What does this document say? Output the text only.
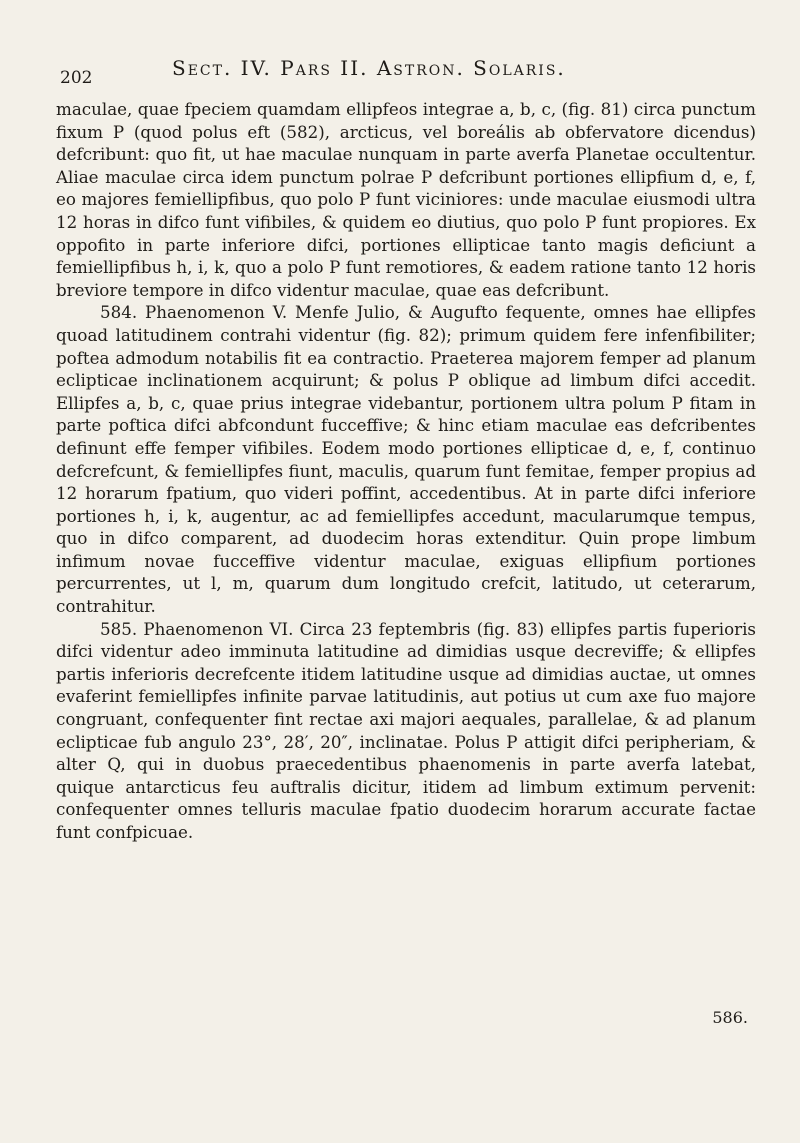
202	Sect. IV. Pars II. Astron. Solaris.

maculae, quae fpeciem quamdam ellipfeos integrae a, b, c, (fig. 81) circa punctum fixum P (quod polus eft (582), arcticus, vel boreális ab obfervatore dicendus) defcribunt: quo fit, ut hae maculae nunquam in parte averfa Planetae occultentur. Aliae maculae circa idem punctum polrae P defcribunt portiones ellipfium d, e, f, eo majores femiellipfibus, quo polo P funt viciniores: unde maculae eiusmodi ultra 12 horas in difco funt vifibiles, & quidem eo diutius, quo polo P funt propiores. Ex oppofito in parte inferiore difci, portiones ellipticae tanto magis deficiunt a femiellipfibus h, i, k, quo a polo P funt remotiores, & eadem ratione tanto 12 horis breviore tempore in difco videntur maculae, quae eas defcribunt.

584. Phaenomenon V. Menfe Julio, & Augufto fequente, omnes hae ellipfes quoad latitudinem contrahi videntur (fig. 82); primum quidem fere infenfibiliter; poftea admodum notabilis fit ea contractio. Praeterea majorem femper ad planum eclipticae inclinationem acquirunt; & polus P oblique ad limbum difci accedit. Ellipfes a, b, c, quae prius integrae videbantur, portionem ultra polum P fitam in parte poftica difci abfcondunt fucceffive; & hinc etiam maculae eas defcribentes definunt effe femper vifibiles. Eodem modo portiones ellipticae d, e, f, continuo defcrefcunt, & femiellipfes fiunt, maculis, quarum funt femitae, femper propius ad 12 horarum fpatium, quo videri poffint, accedentibus. At in parte difci inferiore portiones h, i, k, augentur, ac ad femiellipfes accedunt, macularumque tempus, quo in difco comparent, ad duodecim horas extenditur. Quin prope limbum infimum novae fucceffive videntur maculae, exiguas ellipfium portiones percurrentes, ut l, m, quarum dum longitudo crefcit, latitudo, ut ceterarum, contrahitur.

585. Phaenomenon VI. Circa 23 feptembris (fig. 83) ellipfes partis fuperioris difci videntur adeo imminuta latitudine ad dimidias usque decreviffe; & ellipfes partis inferioris decrefcente itidem latitudine usque ad dimidias auctae, ut omnes evaferint femiellipfes infinite parvae latitudinis, aut potius ut cum axe fuo majore congruant, confequenter fint rectae axi majori aequales, parallelae, & ad planum eclipticae fub angulo 23°, 28′, 20″, inclinatae. Polus P attigit difci peripheriam, & alter Q, qui in duobus praecedentibus phaenomenis in parte averfa latebat, quique antarcticus feu auftralis dicitur, itidem ad limbum extimum pervenit: confequenter omnes telluris maculae fpatio duodecim horarum accurate factae funt confpicuae.

586.
